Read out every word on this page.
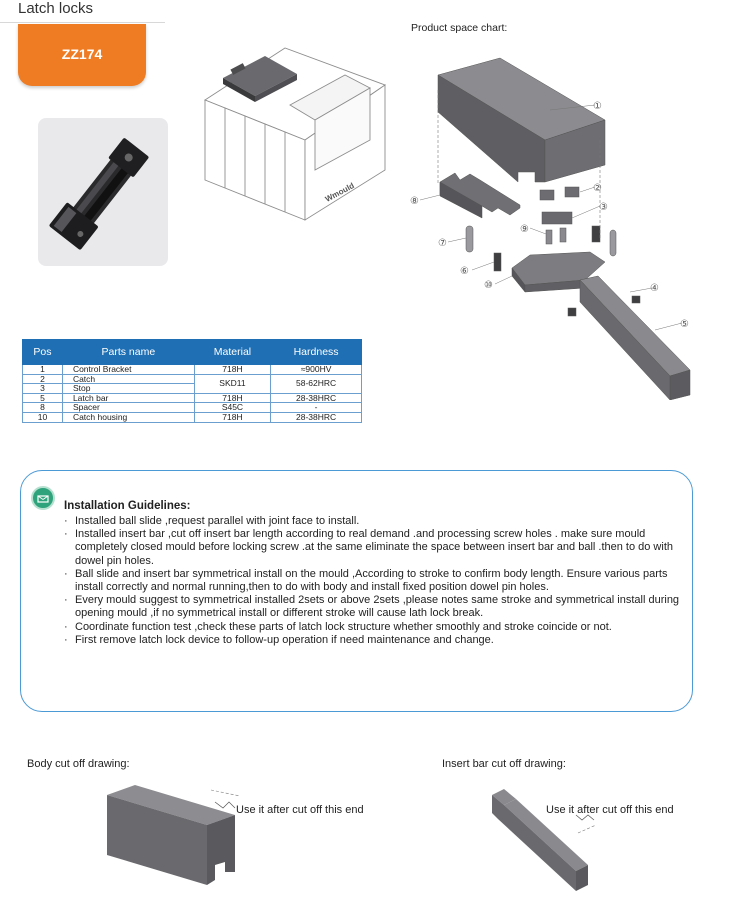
Latch locks
ZZ174
Wmould
Product space chart:
①
②
③
④
⑤
⑥
⑦
⑧
⑨
⑩
Pos	Parts name	Material	Hardness
1	Control Bracket	718H	≈900HV
2	Catch	SKD11	58-62HRC
3	Stop		
5	Latch bar	718H	28-38HRC
8	Spacer	S45C	-
10	Catch housing	718H	28-38HRC
Installation Guidelines:

· Installed ball slide ,request parallel with joint face to install.

· Installed insert bar ,cut off insert bar length according to real demand .and processing screw holes . make sure mould completely closed mould before locking screw .at the same eliminate the space between insert bar and ball .then to do with dowel pin holes.

· Ball slide and insert bar symmetrical install on the mould ,According to stroke to confirm body length. Ensure various parts install correctly and normal running,then to do with body and install fixed position dowel pin holes.

· Every mould suggest to symmetrical installed 2sets or above 2sets ,please notes same stroke and symmetrical install during opening mould ,if no symmetrical install or different stroke will cause lath lock break.

· Coordinate function test ,check these parts of latch lock structure whether smoothly and stroke coincide or not.

· First remove latch lock device to follow-up operation if need maintenance and change.

Body cut off drawing:
Use it after cut off this end
Insert bar cut off drawing:
Use it after cut off this end
